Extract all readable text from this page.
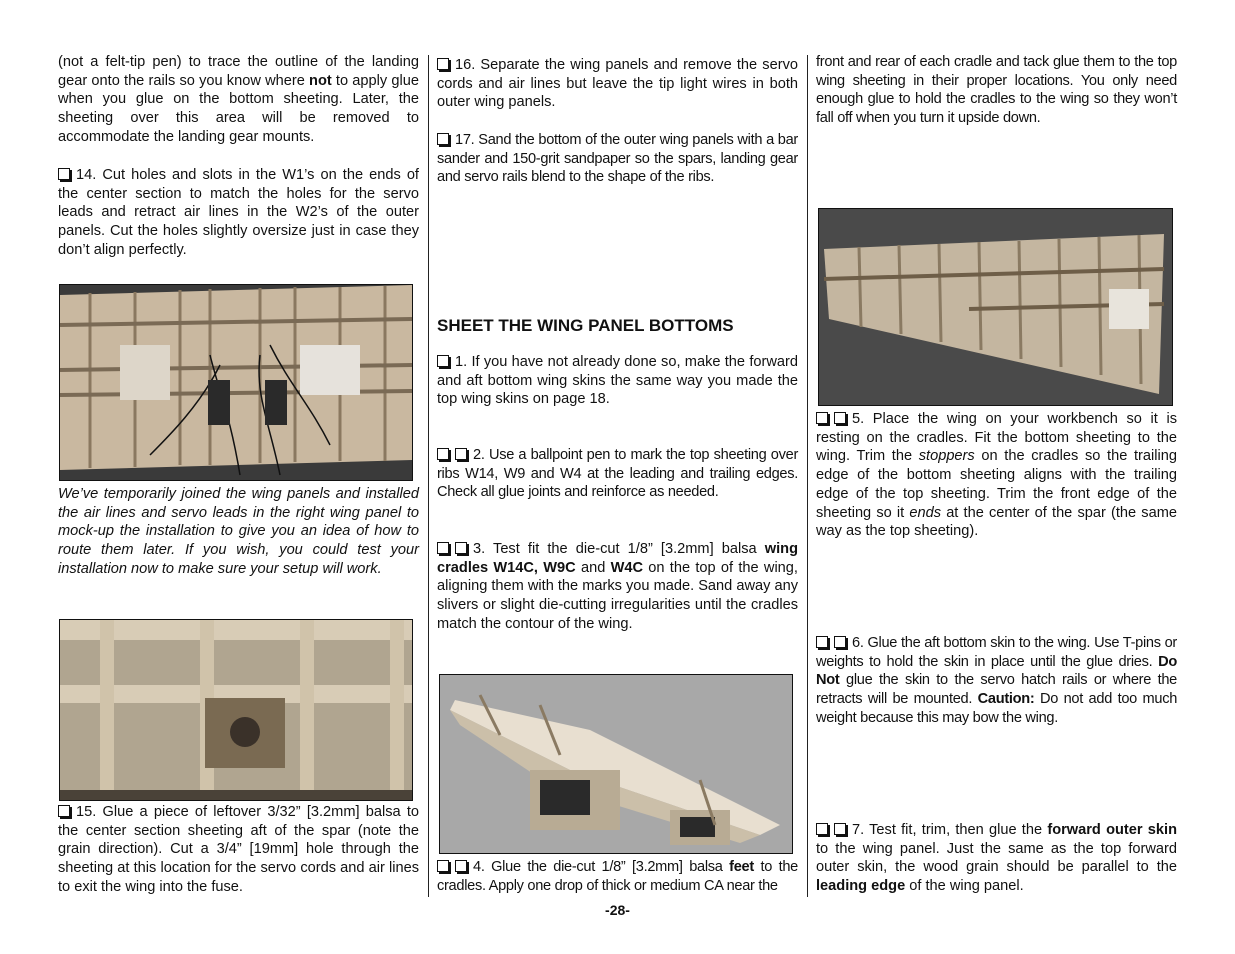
(not a felt-tip pen) to trace the outline of the landing gear onto the rails so you know where not to apply glue when you glue on the bottom sheeting. Later, the sheeting over this area will be removed to accommodate the landing gear mounts.

14. Cut holes and slots in the W1’s on the ends of the center section to match the holes for the servo leads and retract air lines in the W2’s of the outer panels. Cut the holes slightly oversize just in case they don’t align perfectly.

We’ve temporarily joined the wing panels and installed the air lines and servo leads in the right wing panel to mock-up the installation to give you an idea of how to route them later. If you wish, you could test your installation now to make sure your setup will work.

15. Glue a piece of leftover 3/32” [3.2mm] balsa to the center section sheeting aft of the spar (note the grain direction). Cut a 3/4” [19mm] hole through the sheeting at this location for the servo cords and air lines to exit the wing into the fuse.

16. Separate the wing panels and remove the servo cords and air lines but leave the tip light wires in both outer wing panels.

17. Sand the bottom of the outer wing panels with a bar sander and 150-grit sandpaper so the spars, landing gear and servo rails blend to the shape of the ribs.

SHEET THE WING PANEL BOTTOMS

1. If you have not already done so, make the forward and aft bottom wing skins the same way you made the top wing skins on page 18.

2. Use a ballpoint pen to mark the top sheeting over ribs W14, W9 and W4 at the leading and trailing edges. Check all glue joints and reinforce as needed.

3. Test fit the die-cut 1/8” [3.2mm] balsa wing cradles W14C, W9C and W4C on the top of the wing, aligning them with the marks you made. Sand away any slivers or slight die-cutting irregularities until the cradles match the contour of the wing.

4. Glue the die-cut 1/8” [3.2mm] balsa feet to the cradles. Apply one drop of thick or medium CA near the

front and rear of each cradle and tack glue them to the top wing sheeting in their proper locations. You only need enough glue to hold the cradles to the wing so they won’t fall off when you turn it upside down.

5. Place the wing on your workbench so it is resting on the cradles. Fit the bottom sheeting to the wing. Trim the stoppers on the cradles so the trailing edge of the bottom sheeting aligns with the trailing edge of the top sheeting. Trim the front edge of the sheeting so it ends at the center of the spar (the same way as the top sheeting).

6. Glue the aft bottom skin to the wing. Use T-pins or weights to hold the skin in place until the glue dries. Do Not glue the skin to the servo hatch rails or where the retracts will be mounted. Caution: Do not add too much weight because this may bow the wing.

7. Test fit, trim, then glue the forward outer skin to the wing panel. Just the same as the top forward outer skin, the wood grain should be parallel to the leading edge of the wing panel.

-28-
